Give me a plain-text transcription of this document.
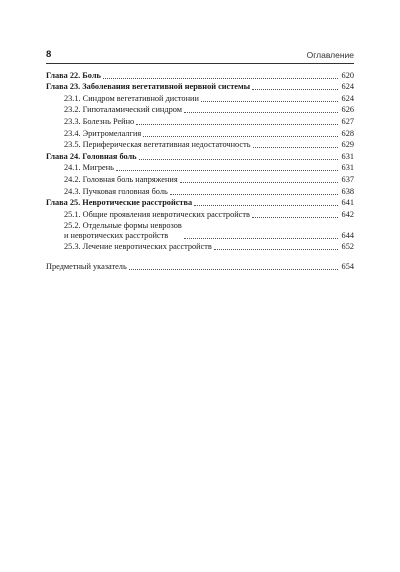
8	Оглавление
Глава 22. Боль	620
Глава 23. Заболевания вегетативной нервной системы	624
23.1. Синдром вегетативной дистонии	624
23.2. Гипоталамический синдром	626
23.3. Болезнь Рейно	627
23.4. Эритромелалгия	628
23.5. Периферическая вегетативная недостаточность	629
Глава 24. Головная боль	631
24.1. Мигрень	631
24.2. Головная боль напряжения	637
24.3. Пучковая головная боль	638
Глава 25. Невротические расстройства	641
25.1. Общие проявления невротических расстройств	642
25.2. Отдельные формы неврозов
и невротических расстройств	644
25.3. Лечение невротических расстройств	652
Предметный указатель	654
